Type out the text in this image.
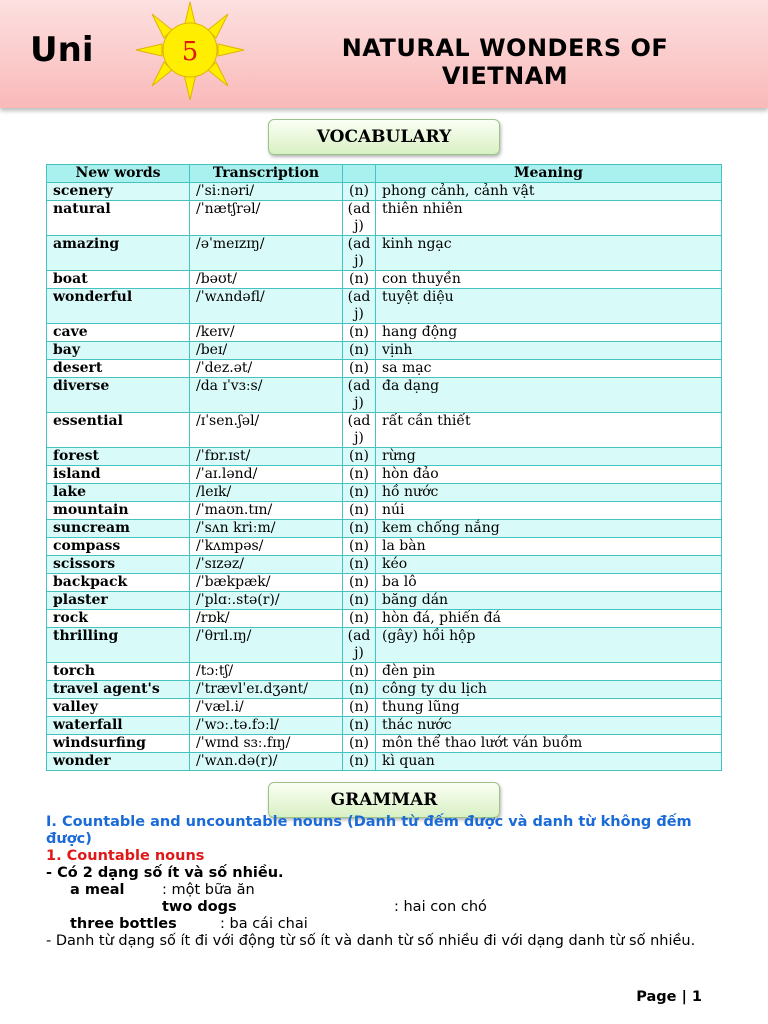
Uni	5	NATURAL WONDERS OF VIETNAM
VOCABULARY
New words	Transcription		Meaning
scenery	/ˈsiːnəri/	(n)	phong cảnh, cảnh vật
natural	/ˈnætʃrəl/	(adj)	thiên nhiên
amazing	/əˈmeɪzɪŋ/	(adj)	kinh ngạc
boat	/bəʊt/	(n)	con thuyền
wonderful	/ˈwʌndəfl/	(adj)	tuyệt diệu
cave	/keɪv/	(n)	hang động
bay	/beɪ/	(n)	vịnh
desert	/ˈdez.ət/	(n)	sa mạc
diverse	/da ɪˈvɜːs/	(adj)	đa dạng
essential	/ɪˈsen.ʃəl/	(adj)	rất cần thiết
forest	/ˈfɒr.ɪst/	(n)	rừng
island	/ˈaɪ.lənd/	(n)	hòn đảo
lake	/leɪk/	(n)	hồ nước
mountain	/ˈmaʊn.tɪn/	(n)	núi
suncream	/ˈsʌn kriːm/	(n)	kem chống nắng
compass	/ˈkʌmpəs/	(n)	la bàn
scissors	/ˈsɪzəz/	(n)	kéo
backpack	/ˈbækpæk/	(n)	ba lô
plaster	/ˈplɑː.stə(r)/	(n)	băng dán
rock	/rɒk/	(n)	hòn đá, phiến đá
thrilling	/ˈθrɪl.ɪŋ/	(adj)	(gây) hồi hộp
torch	/tɔːtʃ/	(n)	đèn pin
travel agent's	/ˈtrævlˈeɪ.dʒənt/	(n)	công ty du lịch
valley	/ˈvæl.i/	(n)	thung lũng
waterfall	/ˈwɔː.tə.fɔːl/	(n)	thác nước
windsurfing	/ˈwɪnd sɜː.fɪŋ/	(n)	môn thể thao lướt ván buồm
wonder	/ˈwʌn.də(r)/	(n)	kì quan
GRAMMAR
I. Countable and uncountable nouns (Danh từ đếm được và danh từ không đếm được)
1. Countable nouns
- Có 2 dạng số ít và số nhiều.
a meal	: một bữa ăn
two dogs	: hai con chó
three bottles	: ba cái chai
- Danh từ dạng số ít đi với động từ số ít và danh từ số nhiều đi với dạng danh từ số nhiều.
Page | 1
